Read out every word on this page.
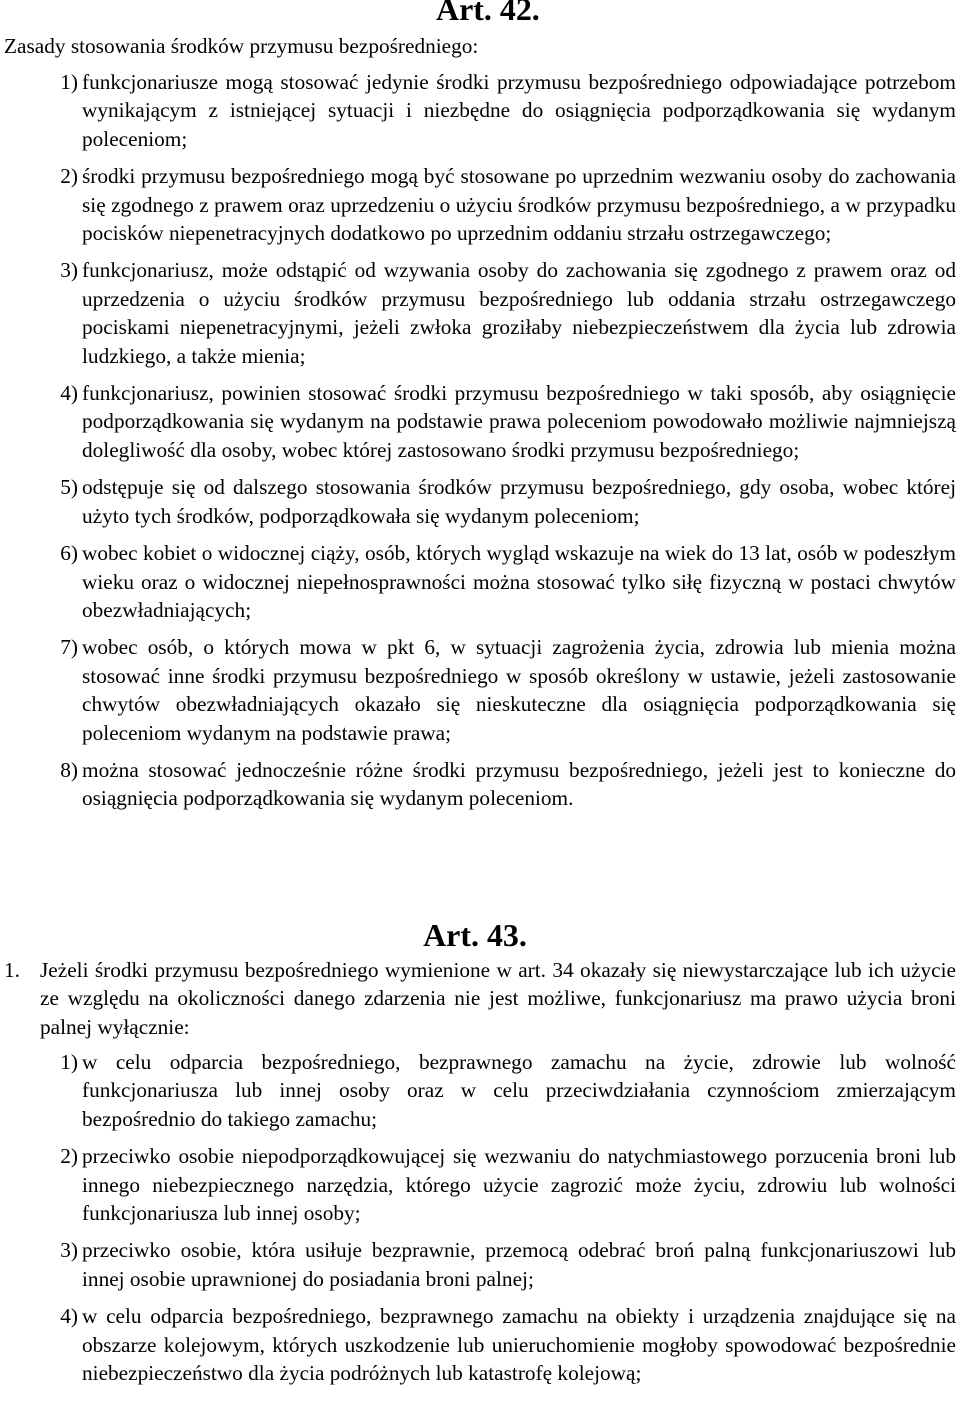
Art. 42.

Zasady stosowania środków przymusu bezpośredniego:

1) funkcjonariusze mogą stosować jedynie środki przymusu bezpośredniego odpowiadające potrzebom wynikającym z istniejącej sytuacji i niezbędne do osiągnięcia podporządkowania się wydanym poleceniom;
2) środki przymusu bezpośredniego mogą być stosowane po uprzednim wezwaniu osoby do zachowania się zgodnego z prawem oraz uprzedzeniu o użyciu środków przymusu bezpośredniego, a w przypadku pocisków niepenetracyjnych dodatkowo po uprzednim oddaniu strzału ostrzegawczego;
3) funkcjonariusz, może odstąpić od wzywania osoby do zachowania się zgodnego z prawem oraz od uprzedzenia o użyciu środków przymusu bezpośredniego lub oddania strzału ostrzegawczego pociskami niepenetracyjnymi, jeżeli zwłoka groziłaby niebezpieczeństwem dla życia lub zdrowia ludzkiego, a także mienia;
4) funkcjonariusz, powinien stosować środki przymusu bezpośredniego w taki sposób, aby osiągnięcie podporządkowania się wydanym na podstawie prawa poleceniom powodowało możliwie najmniejszą dolegliwość dla osoby, wobec której zastosowano środki przymusu bezpośredniego;
5) odstępuje się od dalszego stosowania środków przymusu bezpośredniego, gdy osoba, wobec której użyto tych środków, podporządkowała się wydanym poleceniom;
6) wobec kobiet o widocznej ciąży, osób, których wygląd wskazuje na wiek do 13 lat, osób w podeszłym wieku oraz o widocznej niepełnosprawności można stosować tylko siłę fizyczną w postaci chwytów obezwładniających;
7) wobec osób, o których mowa w pkt 6, w sytuacji zagrożenia życia, zdrowia lub mienia można stosować inne środki przymusu bezpośredniego w sposób określony w ustawie, jeżeli zastosowanie chwytów obezwładniających okazało się nieskuteczne dla osiągnięcia podporządkowania się poleceniom wydanym na podstawie prawa;
8) można stosować jednocześnie różne środki przymusu bezpośredniego, jeżeli jest to konieczne do osiągnięcia podporządkowania się wydanym poleceniom.
Art. 43.
1. Jeżeli środki przymusu bezpośredniego wymienione w art. 34 okazały się niewystarczające lub ich użycie ze względu na okoliczności danego zdarzenia nie jest możliwe, funkcjonariusz ma prawo użycia broni palnej wyłącznie:
1) w celu odparcia bezpośredniego, bezprawnego zamachu na życie, zdrowie lub wolność funkcjonariusza lub innej osoby oraz w celu przeciwdziałania czynnościom zmierzającym bezpośrednio do takiego zamachu;
2) przeciwko osobie niepodporządkowującej się wezwaniu do natychmiastowego porzucenia broni lub innego niebezpiecznego narzędzia, którego użycie zagrozić może życiu, zdrowiu lub wolności funkcjonariusza lub innej osoby;
3) przeciwko osobie, która usiłuje bezprawnie, przemocą odebrać broń palną funkcjonariuszowi lub innej osobie uprawnionej do posiadania broni palnej;
4) w celu odparcia bezpośredniego, bezprawnego zamachu na obiekty i urządzenia znajdujące się na obszarze kolejowym, których uszkodzenie lub unieruchomienie mogłoby spowodować bezpośrednie niebezpieczeństwo dla życia podróżnych lub katastrofę kolejową;
